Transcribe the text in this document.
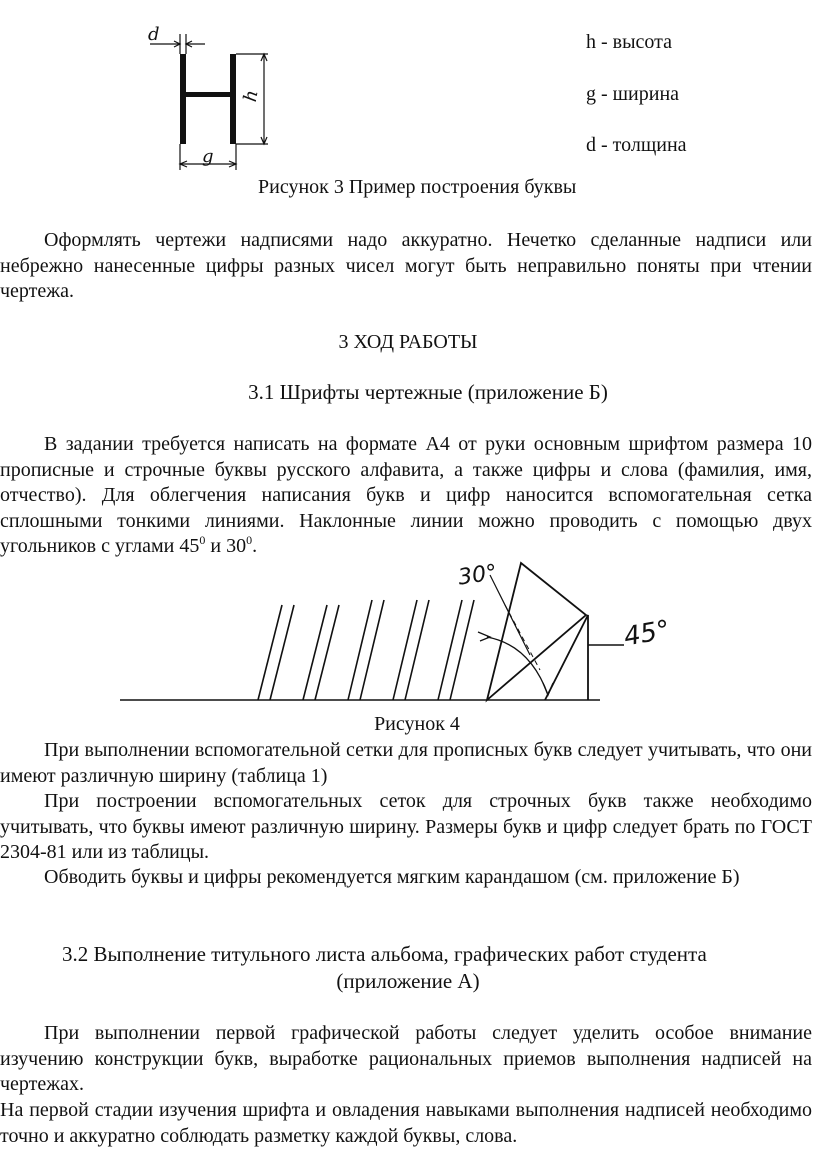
d
h
g
h - высота
g - ширина
d - толщина
Рисунок 3 Пример построения буквы
Оформлять чертежи надписями надо аккуратно. Нечетко сделанные надписи или небрежно нанесенные цифры разных чисел могут быть неправильно поняты при чтении чертежа.
3 ХОД РАБОТЫ
3.1 Шрифты чертежные (приложение Б)
В задании требуется написать на формате А4 от руки основным шрифтом размера 10 прописные и строчные буквы русского алфавита, а также цифры и слова (фамилия, имя, отчество). Для облегчения написания букв и цифр наносится вспомогательная сетка сплошными тонкими линиями. Наклонные линии можно проводить с помощью двух угольников с углами $45^0$ и $30^0$.
30°
45°
Рисунок 4
При выполнении вспомогательной сетки для прописных букв следует учитывать, что они имеют различную ширину (таблица 1)
При построении вспомогательных сеток для строчных букв также необходимо учитывать, что буквы имеют различную ширину. Размеры букв и цифр следует брать по ГОСТ 2304-81 или из таблицы.
Обводить буквы и цифры рекомендуется мягким карандашом (см. приложение Б)
3.2 Выполнение титульного листа альбома, графических работ студента
(приложение А)
При выполнении первой графической работы следует уделить особое внимание изучению конструкции букв, выработке рациональных приемов выполнения надписей на чертежах.
На первой стадии изучения шрифта и овладения навыками выполнения надписей необходимо точно и аккуратно соблюдать разметку каждой буквы, слова.
